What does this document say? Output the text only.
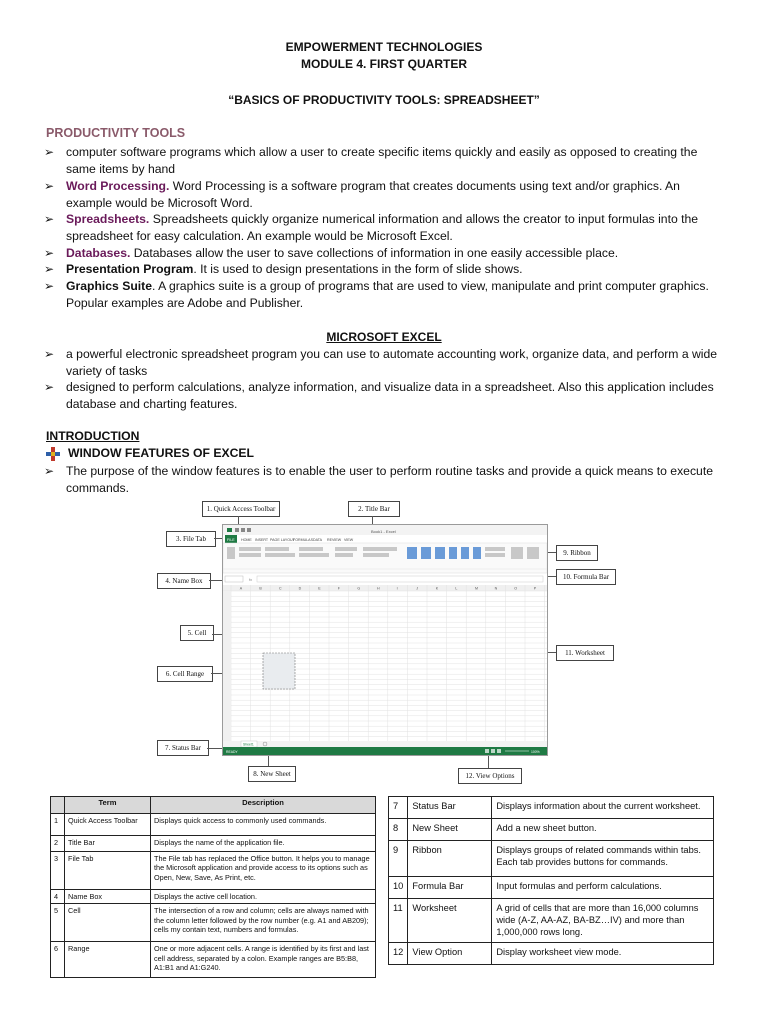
EMPOWERMENT TECHNOLOGIES
MODULE 4. FIRST QUARTER
“BASICS OF PRODUCTIVITY TOOLS: SPREADSHEET”
PRODUCTIVITY TOOLS
➢ computer software programs which allow a user to create specific items quickly and easily as opposed to creating the same items by hand
➢ Word Processing. Word Processing is a software program that creates documents using text and/or graphics. An example would be Microsoft Word.
➢ Spreadsheets. Spreadsheets quickly organize numerical information and allows the creator to input formulas into the spreadsheet for easy calculation. An example would be Microsoft Excel.
➢ Databases. Databases allow the user to save collections of information in one easily accessible place.
➢ Presentation Program. It is used to design presentations in the form of slide shows.
➢ Graphics Suite. A graphics suite is a group of programs that are used to view, manipulate and print computer graphics. Popular examples are Adobe and Publisher.
MICROSOFT EXCEL
➢ a powerful electronic spreadsheet program you can use to automate accounting work, organize data, and perform a wide variety of tasks
➢ designed to perform calculations, analyze information, and visualize data in a spreadsheet. Also this application includes database and charting features.
INTRODUCTION
WINDOW FEATURES OF EXCEL
➢ The purpose of the window features is to enable the user to perform routine tasks and provide a quick means to execute commands.
1. Quick Access Toolbar	2. Title Bar
3. File Tab
4. Name Box
5. Cell
6. Cell Range
7. Status Bar
8. New Sheet
9. Ribbon
10. Formula Bar
11. Worksheet
12. View Options
Book1 - Excel
FILE HOME INSERT PAGE LAYOUT
FORMULAS DATA REVIEW VIEW
fx
A	B	C	D	E	F	G	H	I	J	K	L	M	N	O	P
Sheet1
READY	100%
	Term	Description
1	Quick Access Toolbar	Displays quick access to commonly used commands.
2	Title Bar	Displays the name of the application file.
3	File Tab	The File tab has replaced the Office button. It helps you to manage the Microsoft application and provide access to its options such as Open, New, Save, As Print, etc.
4	Name Box	Displays the active cell location.
5	Cell	The intersection of a row and column; cells are always named with the column letter followed by the row number (e.g. A1 and AB209); cells my contain text, numbers and formulas.
6	Range	One or more adjacent cells. A range is identified by its first and last cell address, separated by a colon. Example ranges are B5:B8, A1:B1 and A1:G240.
7	Status Bar	Displays information about the current worksheet.
8	New Sheet	Add a new sheet button.
9	Ribbon	Displays groups of related commands within tabs. Each tab provides buttons for commands.
10	Formula Bar	Input formulas and perform calculations.
11	Worksheet	A grid of cells that are more than 16,000 columns wide (A-Z, AA-AZ, BA-BZ…IV) and more than 1,000,000 rows long.
12	View Option	Display worksheet view mode.
